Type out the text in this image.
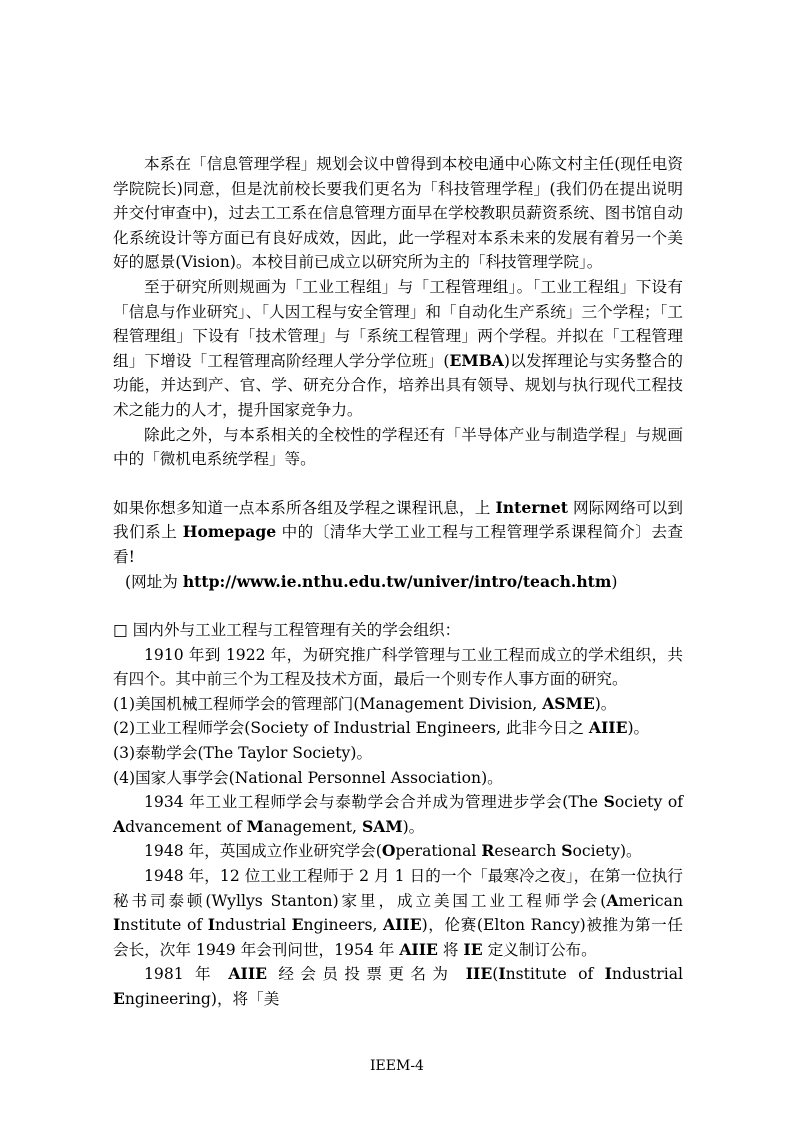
本系在「信息管理学程」规划会议中曾得到本校电通中心陈文村主任(现任电资学院院长)同意，但是沈前校长要我们更名为「科技管理学程」(我们仍在提出说明并交付审查中)，过去工工系在信息管理方面早在学校教职员薪资系统、图书馆自动化系统设计等方面已有良好成效，因此，此一学程对本系未来的发展有着另一个美好的愿景(Vision)。本校目前已成立以研究所为主的「科技管理学院」。

至于研究所则规画为「工业工程组」与「工程管理组」。「工业工程组」下设有「信息与作业研究」、「人因工程与安全管理」和「自动化生产系统」三个学程；「工程管理组」下设有「技术管理」与「系统工程管理」两个学程。并拟在「工程管理组」下增设「工程管理高阶经理人学分学位班」(EMBA)以发挥理论与实务整合的功能，并达到产、官、学、研充分合作，培养出具有领导、规划与执行现代工程技术之能力的人才，提升国家竞争力。

除此之外，与本系相关的全校性的学程还有「半导体产业与制造学程」与规画中的「微机电系统学程」等。

如果你想多知道一点本系所各组及学程之课程讯息，上 Internet 网际网络可以到我们系上 Homepage 中的〔清华大学工业工程与工程管理学系课程简介〕去查看!

(网址为 http://www.ie.nthu.edu.tw/univer/intro/teach.htm)

□ 国内外与工业工程与工程管理有关的学会组织：

1910 年到 1922 年，为研究推广科学管理与工业工程而成立的学术组织，共有四个。其中前三个为工程及技术方面，最后一个则专作人事方面的研究。

(1)美国机械工程师学会的管理部门(Management Division, ASME)。

(2)工业工程师学会(Society of Industrial Engineers, 此非今日之 AIIE)。

(3)泰勒学会(The Taylor Society)。

(4)国家人事学会(National Personnel Association)。

1934 年工业工程师学会与泰勒学会合并成为管理进步学会(The Society of Advancement of Management, SAM)。

1948 年，英国成立作业研究学会(Operational Research Society)。

1948 年，12 位工业工程师于 2 月 1 日的一个「最寒冷之夜」，在第一位执行秘书司泰顿(Wyllys Stanton)家里，成立美国工业工程师学会(American Institute of Industrial Engineers, AIIE)，伦赛(Elton Rancy)被推为第一任会长，次年 1949 年会刊问世，1954 年 AIIE 将 IE 定义制订公布。

1981 年 AIIE 经会员投票更名为 IIE(Institute of Industrial Engineering)，将「美

IEEM-4
